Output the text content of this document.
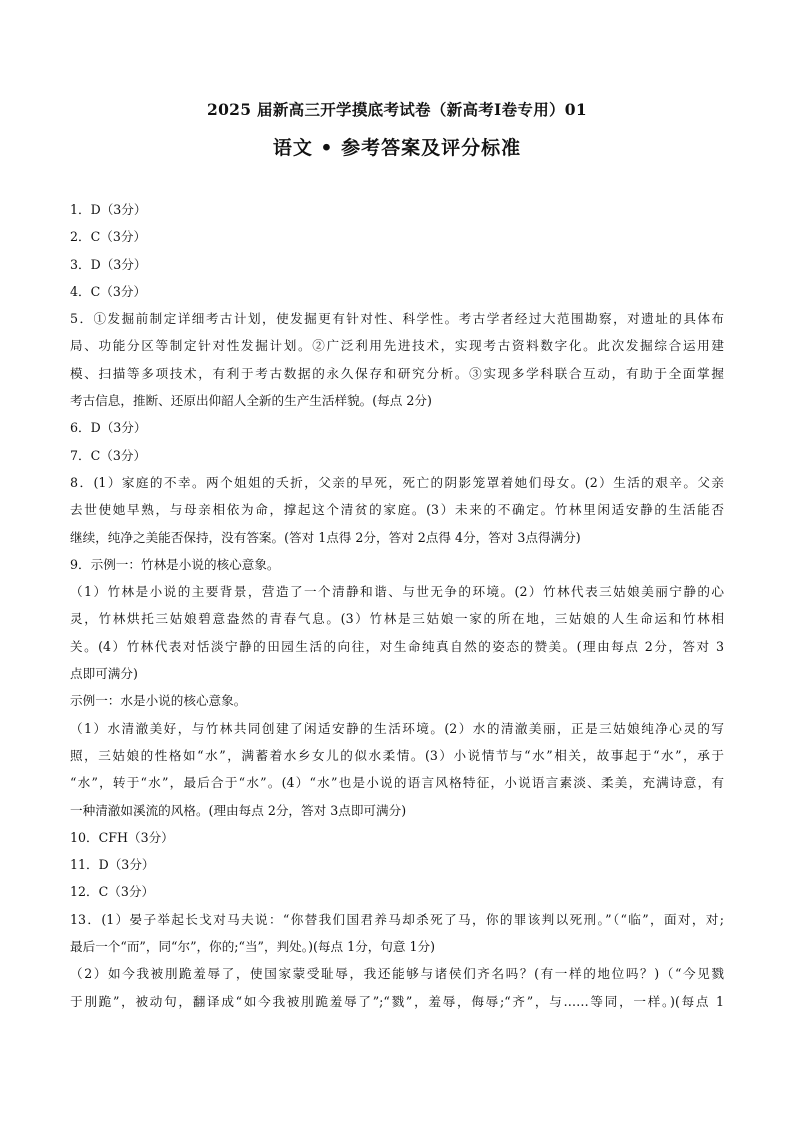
2025 届新高三开学摸底考试卷（新高考Ⅰ卷专用）01
语文 • 参考答案及评分标准
1．D（3分）
2．C（3分）
3．D（3分）
4．C（3分）
5．①发掘前制定详细考古计划，使发掘更有针对性、科学性。考古学者经过大范围勘察，对遗址的具体布
局、功能分区等制定针对性发掘计划。②广泛利用先进技术，实现考古资料数字化。此次发掘综合运用建
模、扫描等多项技术，有利于考古数据的永久保存和研究分析。③实现多学科联合互动，有助于全面掌握
考古信息，推断、还原出仰韶人全新的生产生活样貌。(每点 2分)
6．D（3分）
7．C（3分）
8．(1）家庭的不幸。两个姐姐的夭折，父亲的早死，死亡的阴影笼罩着她们母女。(2）生活的艰辛。父亲
去世使她早熟，与母亲相依为命，撑起这个清贫的家庭。(3）未来的不确定。竹林里闲适安静的生活能否
继续，纯净之美能否保持，没有答案。(答对 1点得 2分，答对 2点得 4分，答对 3点得满分)
9．示例一：竹林是小说的核心意象。
（1）竹林是小说的主要背景，营造了一个清静和谐、与世无争的环境。(2）竹林代表三姑娘美丽宁静的心
灵，竹林烘托三姑娘碧意盎然的青春气息。(3）竹林是三姑娘一家的所在地，三姑娘的人生命运和竹林相
关。(4）竹林代表对恬淡宁静的田园生活的向往，对生命纯真自然的姿态的赞美。(理由每点 2分，答对 3
点即可满分)
示例一：水是小说的核心意象。
（1）水清澈美好，与竹林共同创建了闲适安静的生活环境。(2）水的清澈美丽，正是三姑娘纯净心灵的写
照，三姑娘的性格如“水”，满蓄着水乡女儿的似水柔情。(3）小说情节与“水”相关，故事起于“水”，承于
“水”，转于“水”，最后合于“水”。(4）“水”也是小说的语言风格特征，小说语言素淡、柔美，充满诗意，有
一种清澈如溪流的风格。(理由每点 2分，答对 3点即可满分)
10．CFH（3分）
11．D（3分）
12．C（3分）
13．(1）晏子举起长戈对马夫说：“你替我们国君养马却杀死了马，你的罪该判以死刑。”（“临”，面对，对;
最后一个“而”，同“尔”，你的;“当”，判处。)(每点 1分，句意 1分)
（2）如今我被刖跪羞辱了，使国家蒙受耻辱，我还能够与诸侯们齐名吗？(有一样的地位吗？)（“今见戮
于刖跪”，被动句，翻译成“如今我被刖跪羞辱了”;“戮”，羞辱，侮辱;“齐”，与……等同，一样。)(每点 1
